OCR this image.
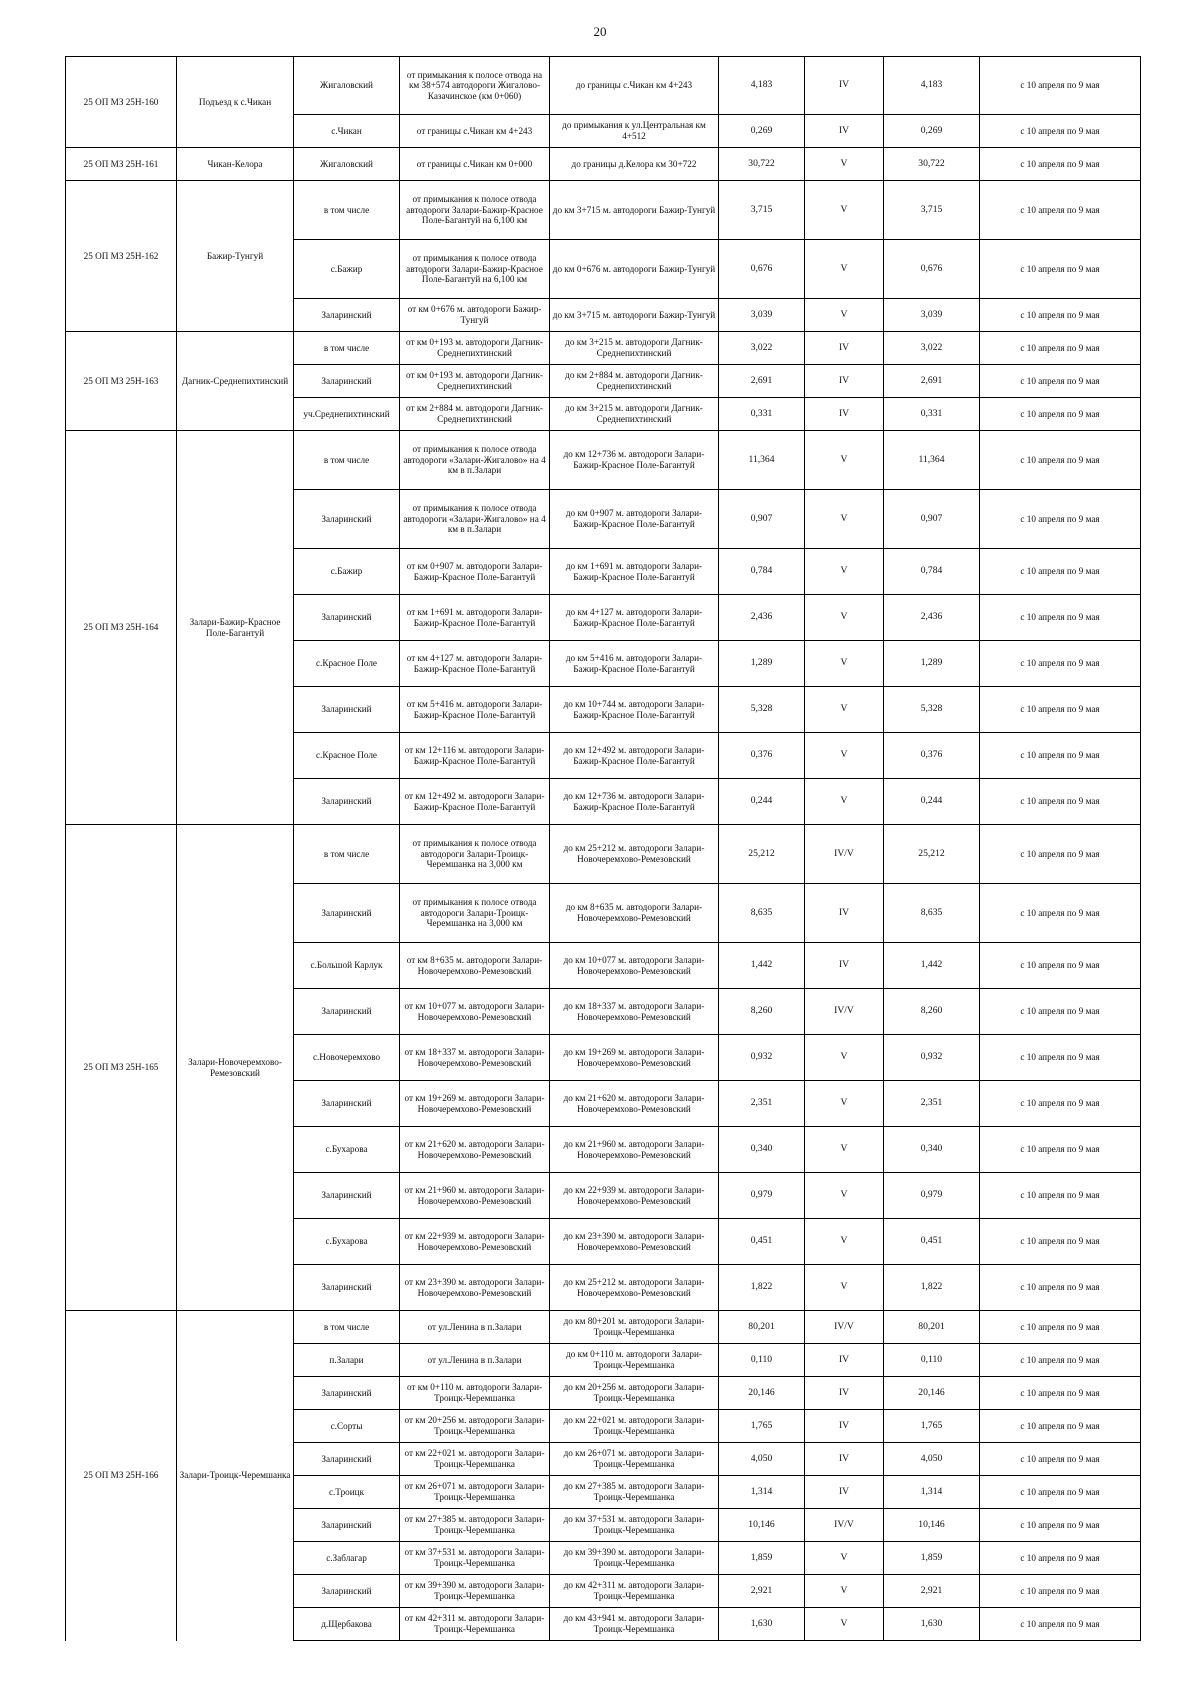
20
25 ОП МЗ 25Н-160	Подъезд к с.Чикан	Жигаловский	от примыкания к полосе отвода на км 38+574 автодороги Жигалово-Казачинское (км 0+060)	до границы с.Чикан км 4+243	4,183	IV	4,183	с 10 апреля по 9 мая
		с.Чикан	от границы с.Чикан км 4+243	до примыкания к ул.Центральная км 4+512	0,269	IV	0,269	с 10 апреля по 9 мая
25 ОП МЗ 25Н-161	Чикан-Келора	Жигаловский	от границы с.Чикан км 0+000	до границы д.Келора км 30+722	30,722	V	30,722	с 10 апреля по 9 мая
25 ОП МЗ 25Н-162	Бажир-Тунгуй	в том числе	от примыкания к полосе отвода автодороги Залари-Бажир-Красное Поле-Багантуй на 6,100 км	до км 3+715 м. автодороги Бажир-Тунгуй	3,715	V	3,715	с 10 апреля по 9 мая
		с.Бажир	от примыкания к полосе отвода автодороги Залари-Бажир-Красное Поле-Багантуй на 6,100 км	до км 0+676 м. автодороги Бажир-Тунгуй	0,676	V	0,676	с 10 апреля по 9 мая
		Заларинский	от км 0+676 м. автодороги Бажир-Тунгуй	до км 3+715 м. автодороги Бажир-Тунгуй	3,039	V	3,039	с 10 апреля по 9 мая
25 ОП МЗ 25Н-163	Дагник-Среднепихтинский	в том числе	от км 0+193 м. автодороги Дагник-Среднепихтинский	до км 3+215 м. автодороги Дагник-Среднепихтинский	3,022	IV	3,022	с 10 апреля по 9 мая
		Заларинский	от км 0+193 м. автодороги Дагник-Среднепихтинский	до км 2+884 м. автодороги Дагник-Среднепихтинский	2,691	IV	2,691	с 10 апреля по 9 мая
		уч.Среднепихтинский	от км 2+884 м. автодороги Дагник-Среднепихтинский	до км 3+215 м. автодороги Дагник-Среднепихтинский	0,331	IV	0,331	с 10 апреля по 9 мая
25 ОП МЗ 25Н-164	Залари-Бажир-Красное Поле-Багантуй	в том числе	от примыкания к полосе отвода автодороги «Залари-Жигалово» на 4 км в п.Залари	до км 12+736 м. автодороги Залари-Бажир-Красное Поле-Багантуй	11,364	V	11,364	с 10 апреля по 9 мая
		Заларинский	от примыкания к полосе отвода автодороги «Залари-Жигалово» на 4 км в п.Залари	до км 0+907 м. автодороги Залари-Бажир-Красное Поле-Багантуй	0,907	V	0,907	с 10 апреля по 9 мая
		с.Бажир	от км 0+907 м. автодороги Залари-Бажир-Красное Поле-Багантуй	до км 1+691 м. автодороги Залари-Бажир-Красное Поле-Багантуй	0,784	V	0,784	с 10 апреля по 9 мая
		Заларинский	от км 1+691 м. автодороги Залари-Бажир-Красное Поле-Багантуй	до км 4+127 м. автодороги Залари-Бажир-Красное Поле-Багантуй	2,436	V	2,436	с 10 апреля по 9 мая
		с.Красное Поле	от км 4+127 м. автодороги Залари-Бажир-Красное Поле-Багантуй	до км 5+416 м. автодороги Залари-Бажир-Красное Поле-Багантуй	1,289	V	1,289	с 10 апреля по 9 мая
		Заларинский	от км 5+416 м. автодороги Залари-Бажир-Красное Поле-Багантуй	до км 10+744 м. автодороги Залари-Бажир-Красное Поле-Багантуй	5,328	V	5,328	с 10 апреля по 9 мая
		с.Красное Поле	от км 12+116 м. автодороги Залари-Бажир-Красное Поле-Багантуй	до км 12+492 м. автодороги Залари-Бажир-Красное Поле-Багантуй	0,376	V	0,376	с 10 апреля по 9 мая
		Заларинский	от км 12+492 м. автодороги Залари-Бажир-Красное Поле-Багантуй	до км 12+736 м. автодороги Залари-Бажир-Красное Поле-Багантуй	0,244	V	0,244	с 10 апреля по 9 мая
25 ОП МЗ 25Н-165	Залари-Новочеремхово-Ремезовский	в том числе	от примыкания к полосе отвода автодороги Залари-Троицк-Черемшанка на 3,000 км	до км 25+212 м. автодороги Залари-Новочеремхово-Ремезовский	25,212	IV/V	25,212	с 10 апреля по 9 мая
		Заларинский	от примыкания к полосе отвода автодороги Залари-Троицк-Черемшанка на 3,000 км	до км 8+635 м. автодороги Залари-Новочеремхово-Ремезовский	8,635	IV	8,635	с 10 апреля по 9 мая
		с.Большой Карлук	от км 8+635 м. автодороги Залари-Новочеремхово-Ремезовский	до км 10+077 м. автодороги Залари-Новочеремхово-Ремезовский	1,442	IV	1,442	с 10 апреля по 9 мая
		Заларинский	от км 10+077 м. автодороги Залари-Новочеремхово-Ремезовский	до км 18+337 м. автодороги Залари-Новочеремхово-Ремезовский	8,260	IV/V	8,260	с 10 апреля по 9 мая
		с.Новочеремхово	от км 18+337 м. автодороги Залари-Новочеремхово-Ремезовский	до км 19+269 м. автодороги Залари-Новочеремхово-Ремезовский	0,932	V	0,932	с 10 апреля по 9 мая
		Заларинский	от км 19+269 м. автодороги Залари-Новочеремхово-Ремезовский	до км 21+620 м. автодороги Залари-Новочеремхово-Ремезовский	2,351	V	2,351	с 10 апреля по 9 мая
		с.Бухарова	от км 21+620 м. автодороги Залари-Новочеремхово-Ремезовский	до км 21+960 м. автодороги Залари-Новочеремхово-Ремезовский	0,340	V	0,340	с 10 апреля по 9 мая
		Заларинский	от км 21+960 м. автодороги Залари-Новочеремхово-Ремезовский	до км 22+939 м. автодороги Залари-Новочеремхово-Ремезовский	0,979	V	0,979	с 10 апреля по 9 мая
		с.Бухарова	от км 22+939 м. автодороги Залари-Новочеремхово-Ремезовский	до км 23+390 м. автодороги Залари-Новочеремхово-Ремезовский	0,451	V	0,451	с 10 апреля по 9 мая
		Заларинский	от км 23+390 м. автодороги Залари-Новочеремхово-Ремезовский	до км 25+212 м. автодороги Залари-Новочеремхово-Ремезовский	1,822	V	1,822	с 10 апреля по 9 мая
25 ОП МЗ 25Н-166	Залари-Троицк-Черемшанка	в том числе	от ул.Ленина в п.Залари	до км 80+201 м. автодороги Залари-Троицк-Черемшанка	80,201	IV/V	80,201	с 10 апреля по 9 мая
		п.Залари	от ул.Ленина в п.Залари	до км 0+110 м. автодороги Залари-Троицк-Черемшанка	0,110	IV	0,110	с 10 апреля по 9 мая
		Заларинский	от км 0+110 м. автодороги Залари-Троицк-Черемшанка	до км 20+256 м. автодороги Залари-Троицк-Черемшанка	20,146	IV	20,146	с 10 апреля по 9 мая
		с.Сорты	от км 20+256 м. автодороги Залари-Троицк-Черемшанка	до км 22+021 м. автодороги Залари-Троицк-Черемшанка	1,765	IV	1,765	с 10 апреля по 9 мая
		Заларинский	от км 22+021 м. автодороги Залари-Троицк-Черемшанка	до км 26+071 м. автодороги Залари-Троицк-Черемшанка	4,050	IV	4,050	с 10 апреля по 9 мая
		с.Троицк	от км 26+071 м. автодороги Залари-Троицк-Черемшанка	до км 27+385 м. автодороги Залари-Троицк-Черемшанка	1,314	IV	1,314	с 10 апреля по 9 мая
		Заларинский	от км 27+385 м. автодороги Залари-Троицк-Черемшанка	до км 37+531 м. автодороги Залари-Троицк-Черемшанка	10,146	IV/V	10,146	с 10 апреля по 9 мая
		с.Заблагар	от км 37+531 м. автодороги Залари-Троицк-Черемшанка	до км 39+390 м. автодороги Залари-Троицк-Черемшанка	1,859	V	1,859	с 10 апреля по 9 мая
		Заларинский	от км 39+390 м. автодороги Залари-Троицк-Черемшанка	до км 42+311 м. автодороги Залари-Троицк-Черемшанка	2,921	V	2,921	с 10 апреля по 9 мая
		д.Щербакова	от км 42+311 м. автодороги Залари-Троицк-Черемшанка	до км 43+941 м. автодороги Залари-Троицк-Черемшанка	1,630	V	1,630	с 10 апреля по 9 мая
